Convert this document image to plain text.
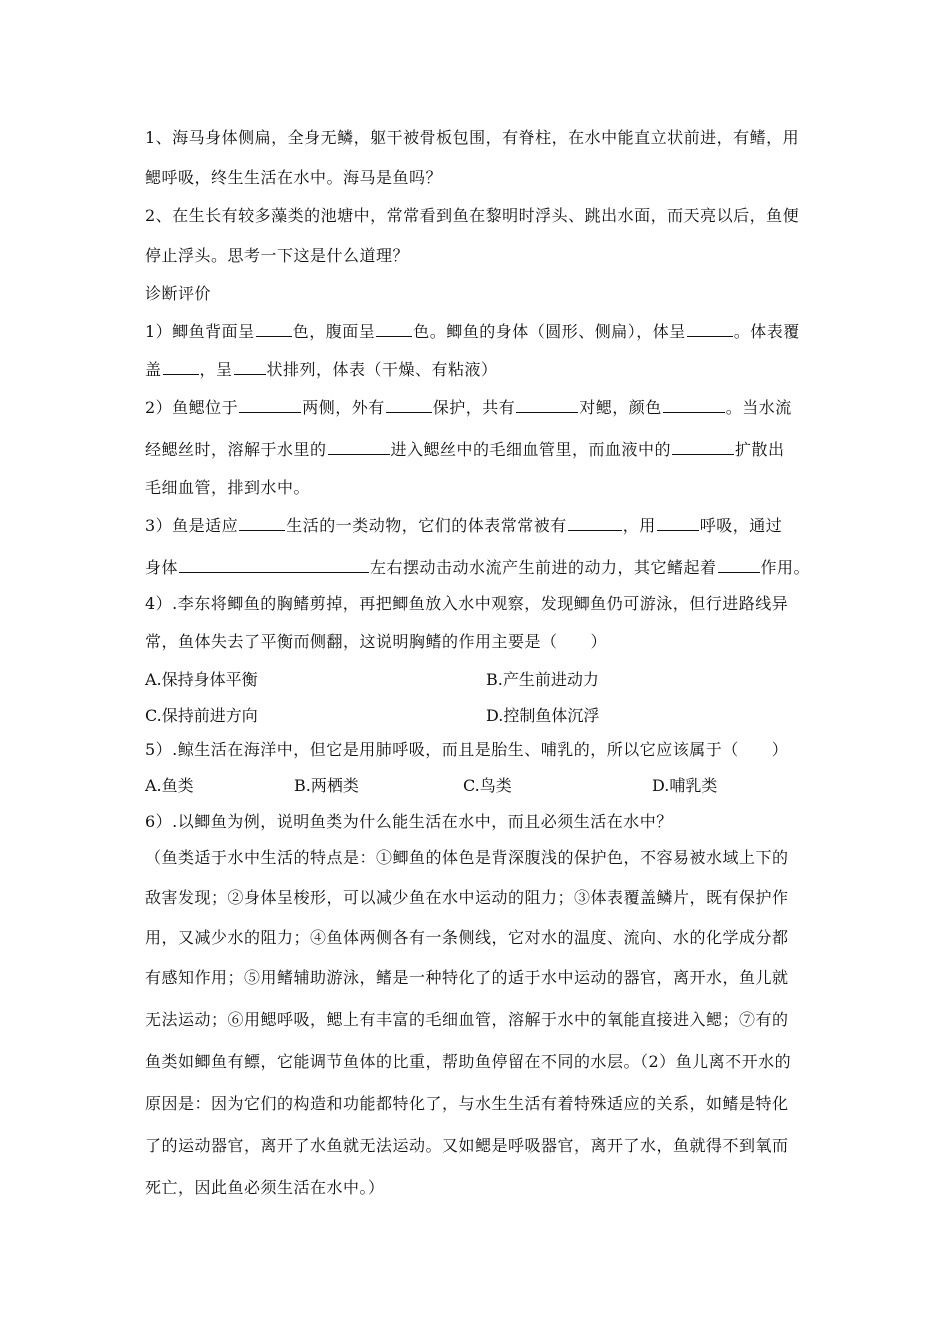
1、海马身体侧扁，全身无鳞，躯干被骨板包围，有脊柱，在水中能直立状前进，有鳍，用
鳃呼吸，终生生活在水中。海马是鱼吗？
2、在生长有较多藻类的池塘中，常常看到鱼在黎明时浮头、跳出水面，而天亮以后，鱼便
停止浮头。思考一下这是什么道理？
诊断评价
1）鲫鱼背面呈 色，腹面呈 色。鲫鱼的身体（圆形、侧扁），体呈	。体表覆
盖 ，呈 状排列，体表（干燥、有粘液）
2）鱼鳃位于	两侧，外有	保护，共有	对鳃，颜色	。当水流
经鳃丝时，溶解于水里的	进入鳃丝中的毛细血管里，而血液中的	扩散出
毛细血管，排到水中。
3）鱼是适应	生活的一类动物，它们的体表常常被有	，用	呼吸，通过
身体	左右摆动击动水流产生前进的动力，其它鳍起着	作用。
4）.李东将鲫鱼的胸鳍剪掉，再把鲫鱼放入水中观察，发现鲫鱼仍可游泳，但行进路线异
常，鱼体失去了平衡而侧翻，这说明胸鳍的作用主要是（　　）
A.保持身体平衡	B.产生前进动力
C.保持前进方向	D.控制鱼体沉浮
5）.鲸生活在海洋中，但它是用肺呼吸，而且是胎生、哺乳的，所以它应该属于（　　）
A.鱼类	B.两栖类	C.鸟类	D.哺乳类
6）.以鲫鱼为例，说明鱼类为什么能生活在水中，而且必须生活在水中？
（鱼类适于水中生活的特点是：①鲫鱼的体色是背深腹浅的保护色，不容易被水域上下的
敌害发现；②身体呈梭形，可以减少鱼在水中运动的阻力；③体表覆盖鳞片，既有保护作
用，又减少水的阻力；④鱼体两侧各有一条侧线，它对水的温度、流向、水的化学成分都
有感知作用；⑤用鳍辅助游泳，鳍是一种特化了的适于水中运动的器官，离开水，鱼儿就
无法运动；⑥用鳃呼吸，鳃上有丰富的毛细血管，溶解于水中的氧能直接进入鳃；⑦有的
鱼类如鲫鱼有鳔，它能调节鱼体的比重，帮助鱼停留在不同的水层。（2）鱼儿离不开水的
原因是：因为它们的构造和功能都特化了，与水生生活有着特殊适应的关系，如鳍是特化
了的运动器官，离开了水鱼就无法运动。又如鳃是呼吸器官，离开了水，鱼就得不到氧而
死亡，因此鱼必须生活在水中。）
